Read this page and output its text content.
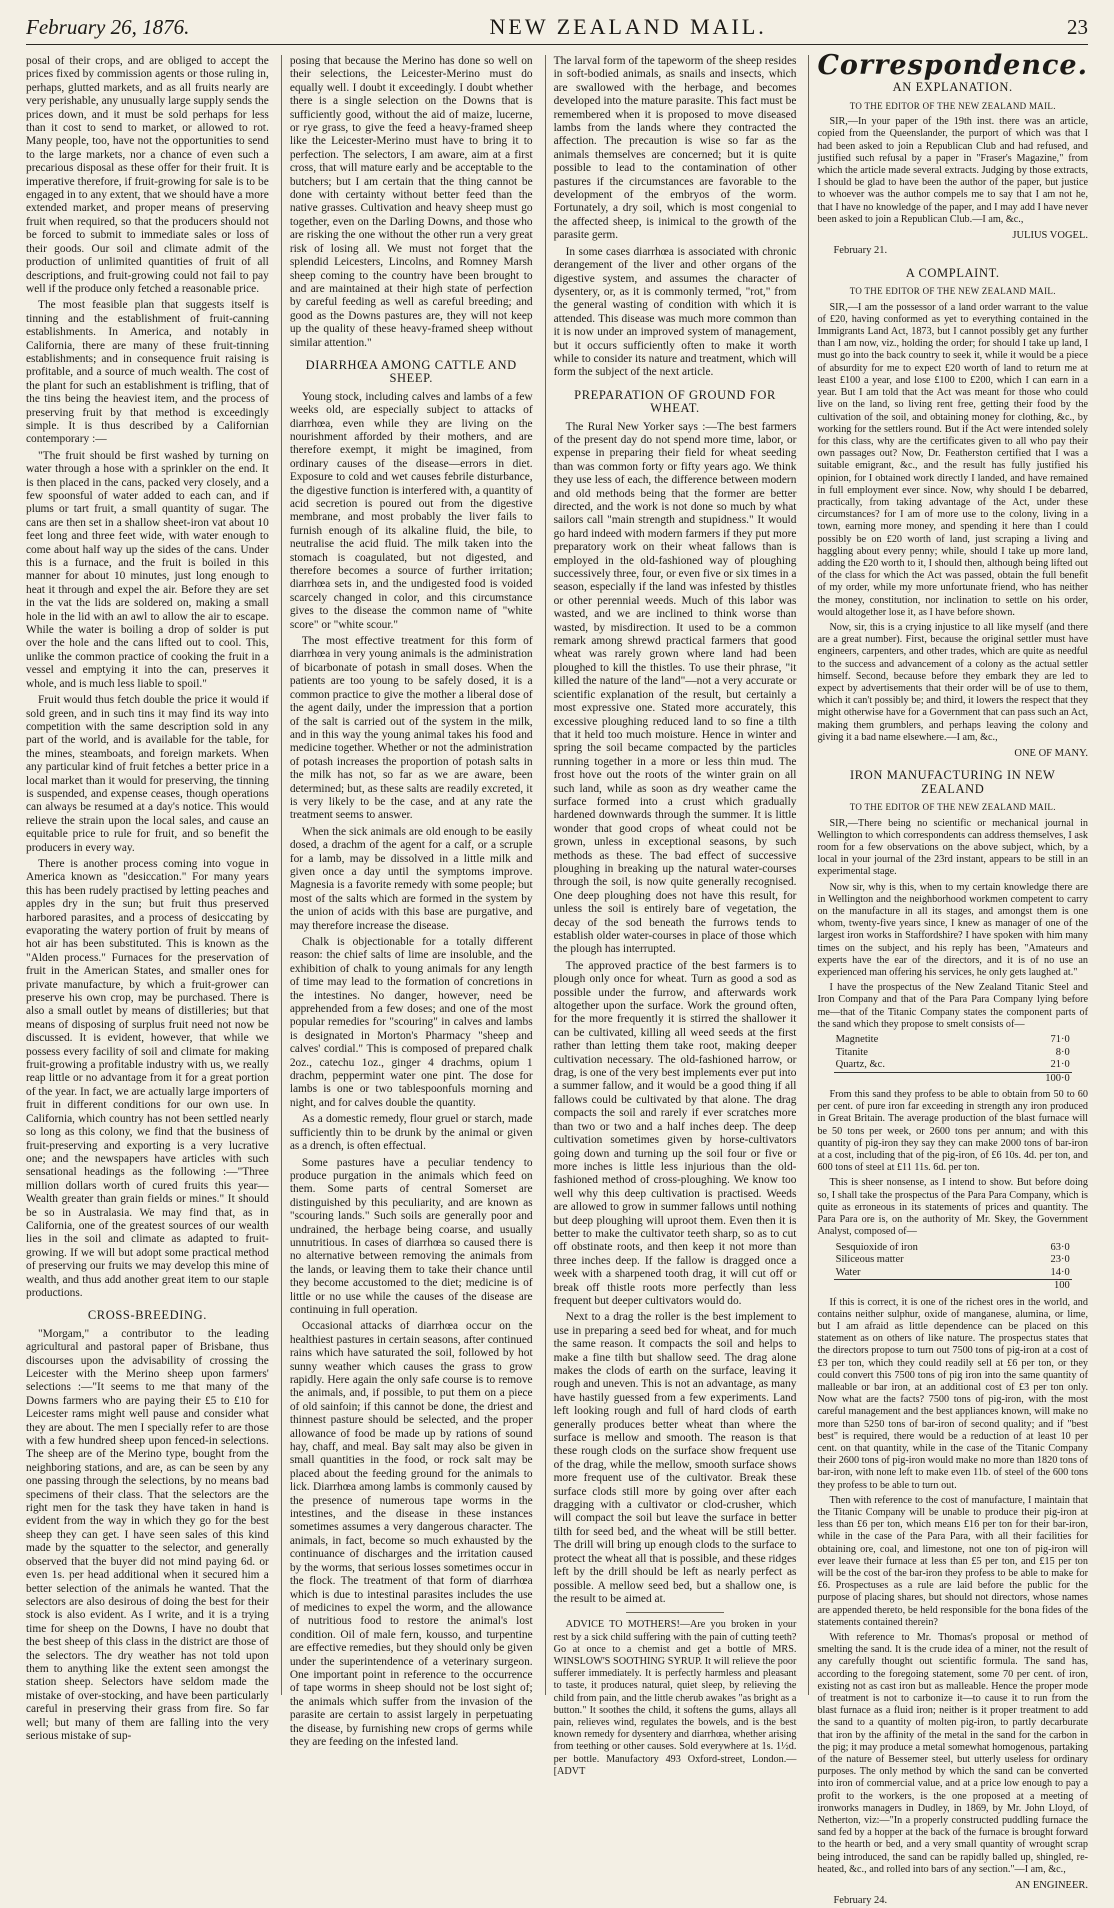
February 26, 1876.	NEW ZEALAND MAIL.	23

posal of their crops, and are obliged to accept the prices fixed by commission agents or those ruling in, perhaps, glutted markets, and as all fruits nearly are very perishable, any unusually large supply sends the prices down, and it must be sold perhaps for less than it cost to send to market, or allowed to rot. Many people, too, have not the opportunities to send to the large markets, nor a chance of even such a precarious disposal as these offer for their fruit. It is imperative therefore, if fruit-growing for sale is to be engaged in to any extent, that we should have a more extended market, and proper means of preserving fruit when required, so that the producers should not be forced to submit to immediate sales or loss of their goods. Our soil and climate admit of the production of unlimited quantities of fruit of all descriptions, and fruit-growing could not fail to pay well if the produce only fetched a reasonable price.

The most feasible plan that suggests itself is tinning and the establishment of fruit-canning establishments. In America, and notably in California, there are many of these fruit-tinning establishments; and in consequence fruit raising is profitable, and a source of much wealth. The cost of the plant for such an establishment is trifling, that of the tins being the heaviest item, and the process of preserving fruit by that method is exceedingly simple. It is thus described by a Californian contemporary :—

"The fruit should be first washed by turning on water through a hose with a sprinkler on the end. It is then placed in the cans, packed very closely, and a few spoonsful of water added to each can, and if plums or tart fruit, a small quantity of sugar. The cans are then set in a shallow sheet-iron vat about 10 feet long and three feet wide, with water enough to come about half way up the sides of the cans. Under this is a furnace, and the fruit is boiled in this manner for about 10 minutes, just long enough to heat it through and expel the air. Before they are set in the vat the lids are soldered on, making a small hole in the lid with an awl to allow the air to escape. While the water is boiling a drop of solder is put over the hole and the cans lifted out to cool. This, unlike the common practice of cooking the fruit in a vessel and emptying it into the can, preserves it whole, and is much less liable to spoil."

Fruit would thus fetch double the price it would if sold green, and in such tins it may find its way into competition with the same description sold in any part of the world, and is available for the table, for the mines, steamboats, and foreign markets. When any particular kind of fruit fetches a better price in a local market than it would for preserving, the tinning is suspended, and expense ceases, though operations can always be resumed at a day's notice. This would relieve the strain upon the local sales, and cause an equitable price to rule for fruit, and so benefit the producers in every way.

There is another process coming into vogue in America known as "desiccation." For many years this has been rudely practised by letting peaches and apples dry in the sun; but fruit thus preserved harbored parasites, and a process of desiccating by evaporating the watery portion of fruit by means of hot air has been substituted. This is known as the "Alden process." Furnaces for the preservation of fruit in the American States, and smaller ones for private manufacture, by which a fruit-grower can preserve his own crop, may be purchased. There is also a small outlet by means of distilleries; but that means of disposing of surplus fruit need not now be discussed. It is evident, however, that while we possess every facility of soil and climate for making fruit-growing a profitable industry with us, we really reap little or no advantage from it for a great portion of the year. In fact, we are actually large importers of fruit in different conditions for our own use. In California, which country has not been settled nearly so long as this colony, we find that the business of fruit-preserving and exporting is a very lucrative one; and the newspapers have articles with such sensational headings as the following :—"Three million dollars worth of cured fruits this year—Wealth greater than grain fields or mines." It should be so in Australasia. We may find that, as in California, one of the greatest sources of our wealth lies in the soil and climate as adapted to fruit-growing. If we will but adopt some practical method of preserving our fruits we may develop this mine of wealth, and thus add another great item to our staple productions.

CROSS-BREEDING.

"Morgam," a contributor to the leading agricultural and pastoral paper of Brisbane, thus discourses upon the advisability of crossing the Leicester with the Merino sheep upon farmers' selections :—"It seems to me that many of the Downs farmers who are paying their £5 to £10 for Leicester rams might well pause and consider what they are about. The men I specially refer to are those with a few hundred sheep upon fenced-in selections. The sheep are of the Merino type, bought from the neighboring stations, and are, as can be seen by any one passing through the selections, by no means bad specimens of their class. That the selectors are the right men for the task they have taken in hand is evident from the way in which they go for the best sheep they can get. I have seen sales of this kind made by the squatter to the selector, and generally observed that the buyer did not mind paying 6d. or even 1s. per head additional when it secured him a better selection of the animals he wanted. That the selectors are also desirous of doing the best for their stock is also evident. As I write, and it is a trying time for sheep on the Downs, I have no doubt that the best sheep of this class in the district are those of the selectors. The dry weather has not told upon them to anything like the extent seen amongst the station sheep. Selectors have seldom made the mistake of over-stocking, and have been particularly careful in preserving their grass from fire. So far well; but many of them are falling into the very serious mistake of sup-

posing that because the Merino has done so well on their selections, the Leicester-Merino must do equally well. I doubt it exceedingly. I doubt whether there is a single selection on the Downs that is sufficiently good, without the aid of maize, lucerne, or rye grass, to give the feed a heavy-framed sheep like the Leicester-Merino must have to bring it to perfection. The selectors, I am aware, aim at a first cross, that will mature early and be acceptable to the butchers; but I am certain that the thing cannot be done with certainty without better feed than the native grasses. Cultivation and heavy sheep must go together, even on the Darling Downs, and those who are risking the one without the other run a very great risk of losing all. We must not forget that the splendid Leicesters, Lincolns, and Romney Marsh sheep coming to the country have been brought to and are maintained at their high state of perfection by careful feeding as well as careful breeding; and good as the Downs pastures are, they will not keep up the quality of these heavy-framed sheep without similar attention."

DIARRHŒA AMONG CATTLE AND SHEEP.

Young stock, including calves and lambs of a few weeks old, are especially subject to attacks of diarrhœa, even while they are living on the nourishment afforded by their mothers, and are therefore exempt, it might be imagined, from ordinary causes of the disease—errors in diet. Exposure to cold and wet causes febrile disturbance, the digestive function is interfered with, a quantity of acid secretion is poured out from the digestive membrane, and most probably the liver fails to furnish enough of its alkaline fluid, the bile, to neutralise the acid fluid. The milk taken into the stomach is coagulated, but not digested, and therefore becomes a source of further irritation; diarrhœa sets in, and the undigested food is voided scarcely changed in color, and this circumstance gives to the disease the common name of "white score" or "white scour."

The most effective treatment for this form of diarrhœa in very young animals is the administration of bicarbonate of potash in small doses. When the patients are too young to be safely dosed, it is a common practice to give the mother a liberal dose of the agent daily, under the impression that a portion of the salt is carried out of the system in the milk, and in this way the young animal takes his food and medicine together. Whether or not the administration of potash increases the proportion of potash salts in the milk has not, so far as we are aware, been determined; but, as these salts are readily excreted, it is very likely to be the case, and at any rate the treatment seems to answer.

When the sick animals are old enough to be easily dosed, a drachm of the agent for a calf, or a scruple for a lamb, may be dissolved in a little milk and given once a day until the symptoms improve. Magnesia is a favorite remedy with some people; but most of the salts which are formed in the system by the union of acids with this base are purgative, and may therefore increase the disease.

Chalk is objectionable for a totally different reason: the chief salts of lime are insoluble, and the exhibition of chalk to young animals for any length of time may lead to the formation of concretions in the intestines. No danger, however, need be apprehended from a few doses; and one of the most popular remedies for "scouring" in calves and lambs is designated in Morton's Pharmacy "sheep and calves' cordial." This is composed of prepared chalk 2oz., catechu 1oz., ginger 4 drachms, opium 1 drachm, peppermint water one pint. The dose for lambs is one or two tablespoonfuls morning and night, and for calves double the quantity.

As a domestic remedy, flour gruel or starch, made sufficiently thin to be drunk by the animal or given as a drench, is often effectual.

Some pastures have a peculiar tendency to produce purgation in the animals which feed on them. Some parts of central Somerset are distinguished by this peculiarity, and are known as "scouring lands." Such soils are generally poor and undrained, the herbage being coarse, and usually unnutritious. In cases of diarrhœa so caused there is no alternative between removing the animals from the lands, or leaving them to take their chance until they become accustomed to the diet; medicine is of little or no use while the causes of the disease are continuing in full operation.

Occasional attacks of diarrhœa occur on the healthiest pastures in certain seasons, after continued rains which have saturated the soil, followed by hot sunny weather which causes the grass to grow rapidly. Here again the only safe course is to remove the animals, and, if possible, to put them on a piece of old sainfoin; if this cannot be done, the driest and thinnest pasture should be selected, and the proper allowance of food be made up by rations of sound hay, chaff, and meal. Bay salt may also be given in small quantities in the food, or rock salt may be placed about the feeding ground for the animals to lick. Diarrhœa among lambs is commonly caused by the presence of numerous tape worms in the intestines, and the disease in these instances sometimes assumes a very dangerous character. The animals, in fact, become so much exhausted by the continuance of discharges and the irritation caused by the worms, that serious losses sometimes occur in the flock. The treatment of that form of diarrhœa which is due to intestinal parasites includes the use of medicines to expel the worm, and the allowance of nutritious food to restore the animal's lost condition. Oil of male fern, kousso, and turpentine are effective remedies, but they should only be given under the superintendence of a veterinary surgeon. One important point in reference to the occurrence of tape worms in sheep should not be lost sight of; the animals which suffer from the invasion of the parasite are certain to assist largely in perpetuating the disease, by furnishing new crops of germs while they are feeding on the infested land.

The larval form of the tapeworm of the sheep resides in soft-bodied animals, as snails and insects, which are swallowed with the herbage, and becomes developed into the mature parasite. This fact must be remembered when it is proposed to move diseased lambs from the lands where they contracted the affection. The precaution is wise so far as the animals themselves are concerned; but it is quite possible to lead to the contamination of other pastures if the circumstances are favorable to the development of the embryos of the worm. Fortunately, a dry soil, which is most congenial to the affected sheep, is inimical to the growth of the parasite germ.

In some cases diarrhœa is associated with chronic derangement of the liver and other organs of the digestive system, and assumes the character of dysentery, or, as it is commonly termed, "rot," from the general wasting of condition with which it is attended. This disease was much more common than it is now under an improved system of management, but it occurs sufficiently often to make it worth while to consider its nature and treatment, which will form the subject of the next article.

PREPARATION OF GROUND FOR WHEAT.

The Rural New Yorker says :—The best farmers of the present day do not spend more time, labor, or expense in preparing their field for wheat seeding than was common forty or fifty years ago. We think they use less of each, the difference between modern and old methods being that the former are better directed, and the work is not done so much by what sailors call "main strength and stupidness." It would go hard indeed with modern farmers if they put more preparatory work on their wheat fallows than is employed in the old-fashioned way of ploughing successively three, four, or even five or six times in a season, especially if the land was infested by thistles or other perennial weeds. Much of this labor was wasted, and we are inclined to think worse than wasted, by misdirection. It used to be a common remark among shrewd practical farmers that good wheat was rarely grown where land had been ploughed to kill the thistles. To use their phrase, "it killed the nature of the land"—not a very accurate or scientific explanation of the result, but certainly a most expressive one. Stated more accurately, this excessive ploughing reduced land to so fine a tilth that it held too much moisture. Hence in winter and spring the soil became compacted by the particles running together in a more or less thin mud. The frost hove out the roots of the winter grain on all such land, while as soon as dry weather came the surface formed into a crust which gradually hardened downwards through the summer. It is little wonder that good crops of wheat could not be grown, unless in exceptional seasons, by such methods as these. The bad effect of successive ploughing in breaking up the natural water-courses through the soil, is now quite generally recognised. One deep ploughing does not have this result, for unless the soil is entirely bare of vegetation, the decay of the sod beneath the furrows tends to establish older water-courses in place of those which the plough has interrupted.

The approved practice of the best farmers is to plough only once for wheat. Turn as good a sod as possible under the furrow, and afterwards work altogether upon the surface. Work the ground often, for the more frequently it is stirred the shallower it can be cultivated, killing all weed seeds at the first rather than letting them take root, making deeper cultivation necessary. The old-fashioned harrow, or drag, is one of the very best implements ever put into a summer fallow, and it would be a good thing if all fallows could be cultivated by that alone. The drag compacts the soil and rarely if ever scratches more than two or two and a half inches deep. The deep cultivation sometimes given by horse-cultivators going down and turning up the soil four or five or more inches is little less injurious than the old-fashioned method of cross-ploughing. We know too well why this deep cultivation is practised. Weeds are allowed to grow in summer fallows until nothing but deep ploughing will uproot them. Even then it is better to make the cultivator teeth sharp, so as to cut off obstinate roots, and then keep it not more than three inches deep. If the fallow is dragged once a week with a sharpened tooth drag, it will cut off or break off thistle roots more perfectly than less frequent but deeper cultivators would do.

Next to a drag the roller is the best implement to use in preparing a seed bed for wheat, and for much the same reason. It compacts the soil and helps to make a fine tilth but shallow seed. The drag alone makes the clods of earth on the surface, leaving it rough and uneven. This is not an advantage, as many have hastily guessed from a few experiments. Land left looking rough and full of hard clods of earth generally produces better wheat than where the surface is mellow and smooth. The reason is that these rough clods on the surface show frequent use of the drag, while the mellow, smooth surface shows more frequent use of the cultivator. Break these surface clods still more by going over after each dragging with a cultivator or clod-crusher, which will compact the soil but leave the surface in better tilth for seed bed, and the wheat will be still better. The drill will bring up enough clods to the surface to protect the wheat all that is possible, and these ridges left by the drill should be left as nearly perfect as possible. A mellow seed bed, but a shallow one, is the result to be aimed at.

ADVICE TO MOTHERS!—Are you broken in your rest by a sick child suffering with the pain of cutting teeth? Go at once to a chemist and get a bottle of MRS. WINSLOW'S SOOTHING SYRUP. It will relieve the poor sufferer immediately. It is perfectly harmless and pleasant to taste, it produces natural, quiet sleep, by relieving the child from pain, and the little cherub awakes "as bright as a button." It soothes the child, it softens the gums, allays all pain, relieves wind, regulates the bowels, and is the best known remedy for dysentery and diarrhœa, whether arising from teething or other causes. Sold everywhere at 1s. 1½d. per bottle. Manufactory 493 Oxford-street, London.—[ADVT

Correspondence.
AN EXPLANATION.
TO THE EDITOR OF THE NEW ZEALAND MAIL.

SIR,—In your paper of the 19th inst. there was an article, copied from the Queenslander, the purport of which was that I had been asked to join a Republican Club and had refused, and justified such refusal by a paper in "Fraser's Magazine," from which the article made several extracts. Judging by those extracts, I should be glad to have been the author of the paper, but justice to whoever was the author compels me to say that I am not he, that I have no knowledge of the paper, and I may add I have never been asked to join a Republican Club.—I am, &c.,

JULIUS VOGEL.
February 21.
A COMPLAINT.
TO THE EDITOR OF THE NEW ZEALAND MAIL.

SIR,—I am the possessor of a land order warrant to the value of £20, having conformed as yet to everything contained in the Immigrants Land Act, 1873, but I cannot possibly get any further than I am now, viz., holding the order; for should I take up land, I must go into the back country to seek it, while it would be a piece of absurdity for me to expect £20 worth of land to return me at least £100 a year, and lose £100 to £200, which I can earn in a year. But I am told that the Act was meant for those who could live on the land, so living rent free, getting their food by the cultivation of the soil, and obtaining money for clothing, &c., by working for the settlers round. But if the Act were intended solely for this class, why are the certificates given to all who pay their own passages out? Now, Dr. Featherston certified that I was a suitable emigrant, &c., and the result has fully justified his opinion, for I obtained work directly I landed, and have remained in full employment ever since. Now, why should I be debarred, practically, from taking advantage of the Act, under these circumstances? for I am of more use to the colony, living in a town, earning more money, and spending it here than I could possibly be on £20 worth of land, just scraping a living and haggling about every penny; while, should I take up more land, adding the £20 worth to it, I should then, although being lifted out of the class for which the Act was passed, obtain the full benefit of my order, while my more unfortunate friend, who has neither the money, constitution, nor inclination to settle on his order, would altogether lose it, as I have before shown.

Now, sir, this is a crying injustice to all like myself (and there are a great number). First, because the original settler must have engineers, carpenters, and other trades, which are quite as needful to the success and advancement of a colony as the actual settler himself. Second, because before they embark they are led to expect by advertisements that their order will be of use to them, which it can't possibly be; and third, it lowers the respect that they might otherwise have for a Government that can pass such an Act, making them grumblers, and perhaps leaving the colony and giving it a bad name elsewhere.—I am, &c.,

ONE OF MANY.
IRON MANUFACTURING IN NEW ZEALAND
TO THE EDITOR OF THE NEW ZEALAND MAIL.

SIR,—There being no scientific or mechanical journal in Wellington to which correspondents can address themselves, I ask room for a few observations on the above subject, which, by a local in your journal of the 23rd instant, appears to be still in an experimental stage.

Now sir, why is this, when to my certain knowledge there are in Wellington and the neighborhood workmen competent to carry on the manufacture in all its stages, and amongst them is one whom, twenty-five years since, I knew as manager of one of the largest iron works in Staffordshire? I have spoken with him many times on the subject, and his reply has been, "Amateurs and experts have the ear of the directors, and it is of no use an experienced man offering his services, he only gets laughed at."

I have the prospectus of the New Zealand Titanic Steel and Iron Company and that of the Para Para Company lying before me—that of the Titanic Company states the component parts of the sand which they propose to smelt consists of—

Magnetite	71·0
Titanite	8·0
Quartz, &c.	21·0
	100·0

From this sand they profess to be able to obtain from 50 to 60 per cent. of pure iron far exceeding in strength any iron produced in Great Britain. The average production of the blast furnace will be 50 tons per week, or 2600 tons per annum; and with this quantity of pig-iron they say they can make 2000 tons of bar-iron at a cost, including that of the pig-iron, of £6 10s. 4d. per ton, and 600 tons of steel at £11 11s. 6d. per ton.

This is sheer nonsense, as I intend to show. But before doing so, I shall take the prospectus of the Para Para Company, which is quite as erroneous in its statements of prices and quantity. The Para Para ore is, on the authority of Mr. Skey, the Government Analyst, composed of—

Sesquioxide of iron	63·0
Siliceous matter	23·0
Water	14·0
	100

If this is correct, it is one of the richest ores in the world, and contains neither sulphur, oxide of manganese, alumina, or lime, but I am afraid as little dependence can be placed on this statement as on others of like nature. The prospectus states that the directors propose to turn out 7500 tons of pig-iron at a cost of £3 per ton, which they could readily sell at £6 per ton, or they could convert this 7500 tons of pig iron into the same quantity of malleable or bar iron, at an additional cost of £3 per ton only. Now what are the facts? 7500 tons of pig-iron, with the most careful management and the best appliances known, will make no more than 5250 tons of bar-iron of second quality; and if "best best" is required, there would be a reduction of at least 10 per cent. on that quantity, while in the case of the Titanic Company their 2600 tons of pig-iron would make no more than 1820 tons of bar-iron, with none left to make even 11b. of steel of the 600 tons they profess to be able to turn out.

Then with reference to the cost of manufacture, I maintain that the Titanic Company will be unable to produce their pig-iron at less than £6 per ton, which means £16 per ton for their bar-iron, while in the case of the Para Para, with all their facilities for obtaining ore, coal, and limestone, not one ton of pig-iron will ever leave their furnace at less than £5 per ton, and £15 per ton will be the cost of the bar-iron they profess to be able to make for £6. Prospectuses as a rule are laid before the public for the purpose of placing shares, but should not directors, whose names are appended thereto, be held responsible for the bona fides of the statements contained therein?

With reference to Mr. Thomas's proposal or method of smelting the sand. It is the crude idea of a miner, not the result of any carefully thought out scientific formula. The sand has, according to the foregoing statement, some 70 per cent. of iron, existing not as cast iron but as malleable. Hence the proper mode of treatment is not to carbonize it—to cause it to run from the blast furnace as a fluid iron; neither is it proper treatment to add the sand to a quantity of molten pig-iron, to partly decarburate that iron by the affinity of the metal in the sand for the carbon in the pig; it may produce a metal somewhat homogenous, partaking of the nature of Bessemer steel, but utterly useless for ordinary purposes. The only method by which the sand can be converted into iron of commercial value, and at a price low enough to pay a profit to the workers, is the one proposed at a meeting of ironworks managers in Dudley, in 1869, by Mr. John Lloyd, of Netherton, viz:—"In a properly constructed puddling furnace the sand fed by a hopper at the back of the furnace is brought forward to the hearth or bed, and a very small quantity of wrought scrap being introduced, the sand can be rapidly balled up, shingled, re-heated, &c., and rolled into bars of any section."—I am, &c.,

AN ENGINEER.
February 24.
